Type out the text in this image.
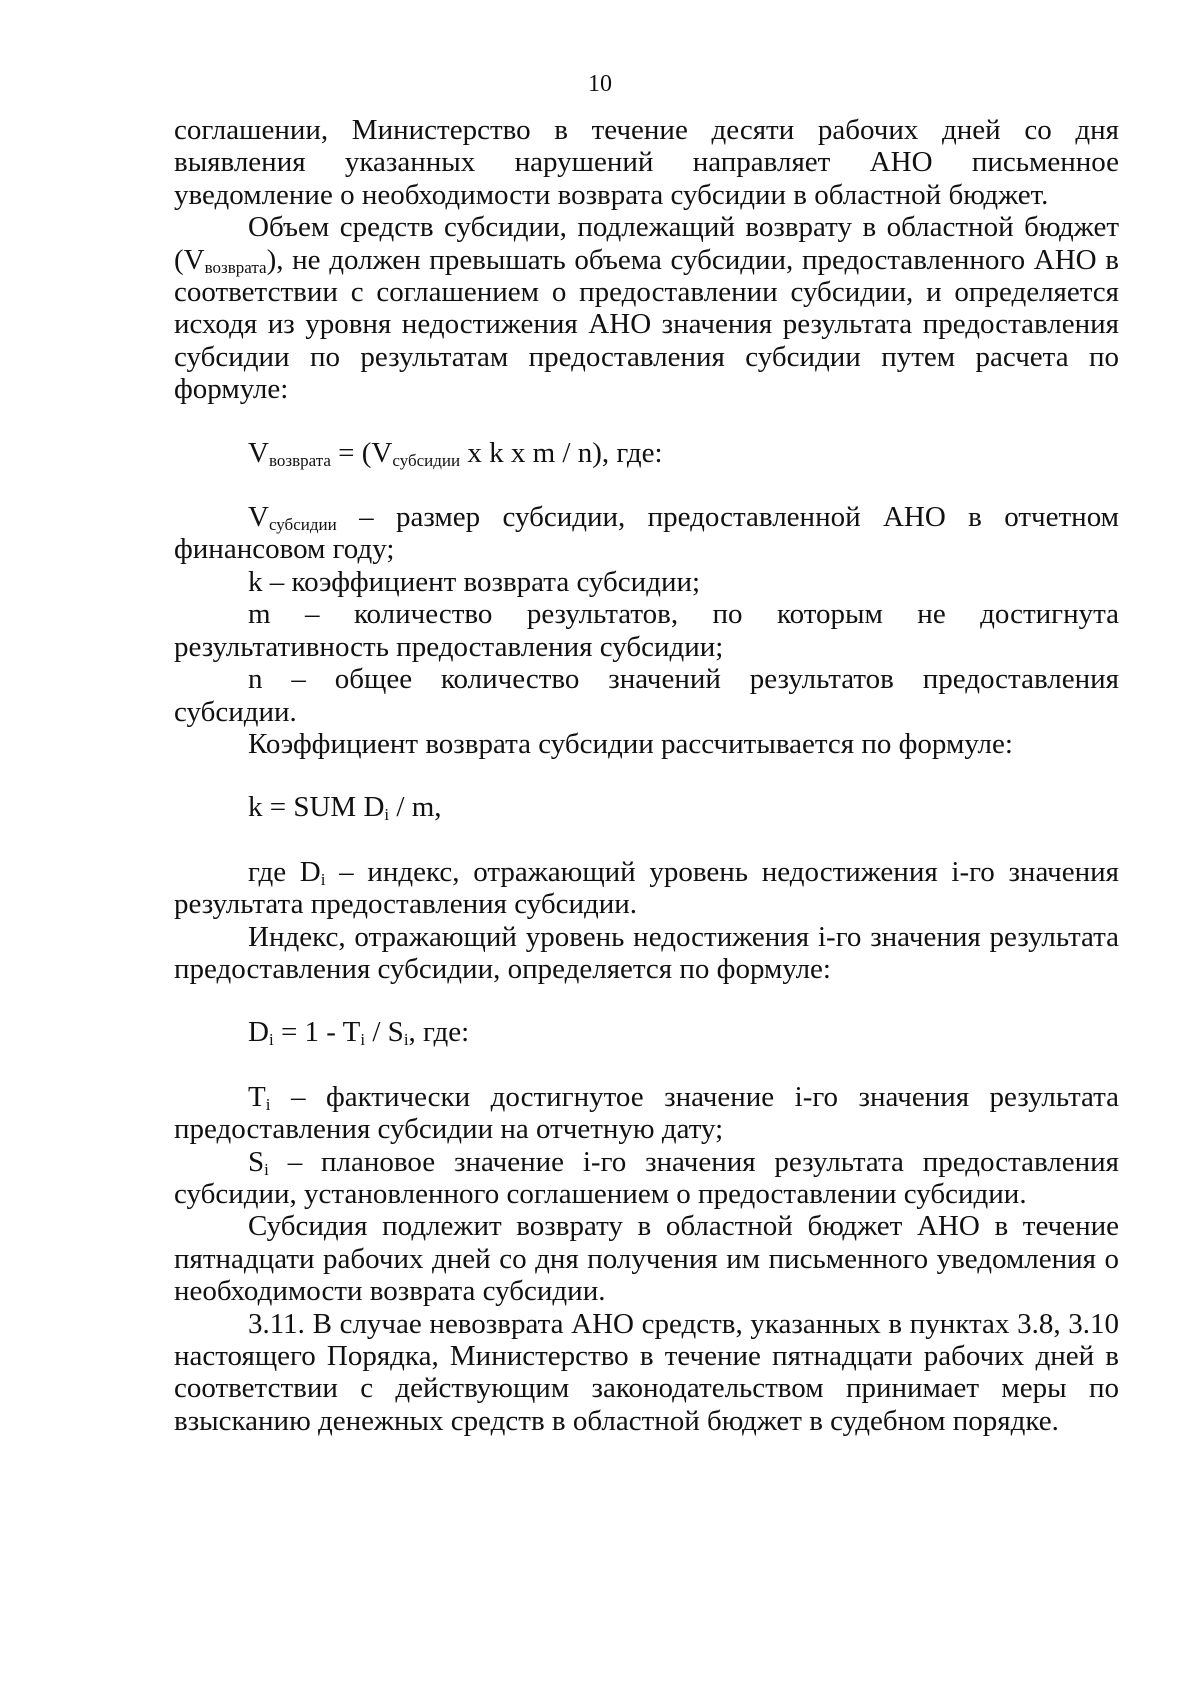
10

соглашении, Министерство в течение десяти рабочих дней со дня выявления указанных нарушений направляет АНО письменное уведомление о необходимости возврата субсидии в областной бюджет.

Объем средств субсидии, подлежащий возврату в областной бюджет $(V_{возврата})$, не должен превышать объема субсидии, предоставленного АНО в соответствии с соглашением о предоставлении субсидии, и определяется исходя из уровня недостижения АНО значения результата предоставления субсидии по результатам предоставления субсидии путем расчета по формуле:

$V_{возврата} = (V_{субсидии}$ x k x m / n), где:

$V_{субсидии}$ – размер субсидии, предоставленной АНО в отчетном финансовом году;

k – коэффициент возврата субсидии;

m – количество результатов, по которым не достигнута результативность предоставления субсидии;

n – общее количество значений результатов предоставления субсидии.

Коэффициент возврата субсидии рассчитывается по формуле:

k = SUM $D_i$ / m,

где $D_i$ – индекс, отражающий уровень недостижения i-го значения результата предоставления субсидии.

Индекс, отражающий уровень недостижения i-го значения результата предоставления субсидии, определяется по формуле:

$D_i = 1 - T_i / S_i$, где:

$T_i$ – фактически достигнутое значение i-го значения результата предоставления субсидии на отчетную дату;

$S_i$ – плановое значение i-го значения результата предоставления субсидии, установленного соглашением о предоставлении субсидии.

Субсидия подлежит возврату в областной бюджет АНО в течение пятнадцати рабочих дней со дня получения им письменного уведомления о необходимости возврата субсидии.

3.11. В случае невозврата АНО средств, указанных в пунктах 3.8, 3.10 настоящего Порядка, Министерство в течение пятнадцати рабочих дней в соответствии с действующим законодательством принимает меры по взысканию денежных средств в областной бюджет в судебном порядке.
